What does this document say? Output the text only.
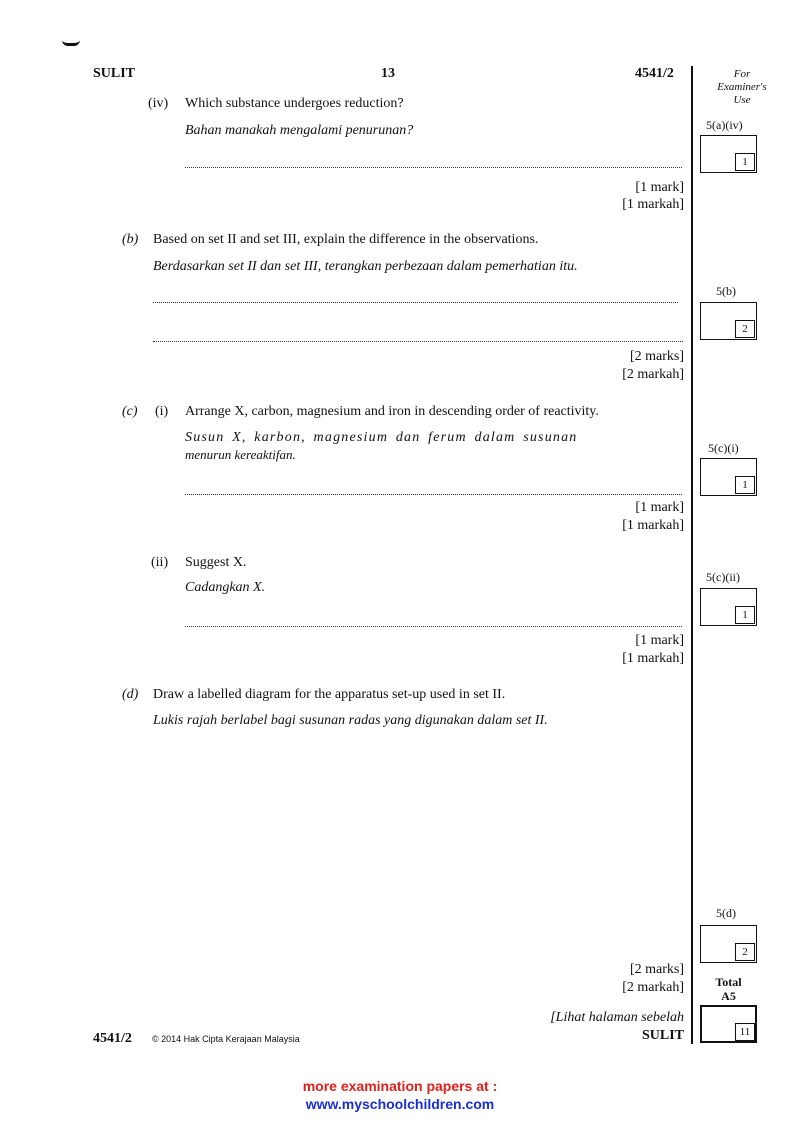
SULIT	13	4541/2	For
Examiner's
Use
(iv) Which substance undergoes reduction?
Bahan manakah mengalami penurunan?
[1 mark]
[1 markah]
5(a)(iv)
1
(b) Based on set II and set III, explain the difference in the observations.
Berdasarkan set II dan set III, terangkan perbezaan dalam pemerhatian itu.
[2 marks]
[2 markah]
5(b)
2
(c) (i) Arrange X, carbon, magnesium and iron in descending order of reactivity.
Susun X, karbon, magnesium dan ferum dalam susunan
menurun kereaktifan.
[1 mark]
[1 markah]
5(c)(i)
1
(ii) Suggest X.
Cadangkan X.
[1 mark]
[1 markah]
5(c)(ii)
1
(d) Draw a labelled diagram for the apparatus set-up used in set II.
Lukis rajah berlabel bagi susunan radas yang digunakan dalam set II.
[2 marks]
[2 markah]
5(d)
2
Total
A5
11
4541/2 © 2014 Hak Cipta Kerajaan Malaysia
[Lihat halaman sebelah
SULIT
more examination papers at :
www.myschoolchildren.com
